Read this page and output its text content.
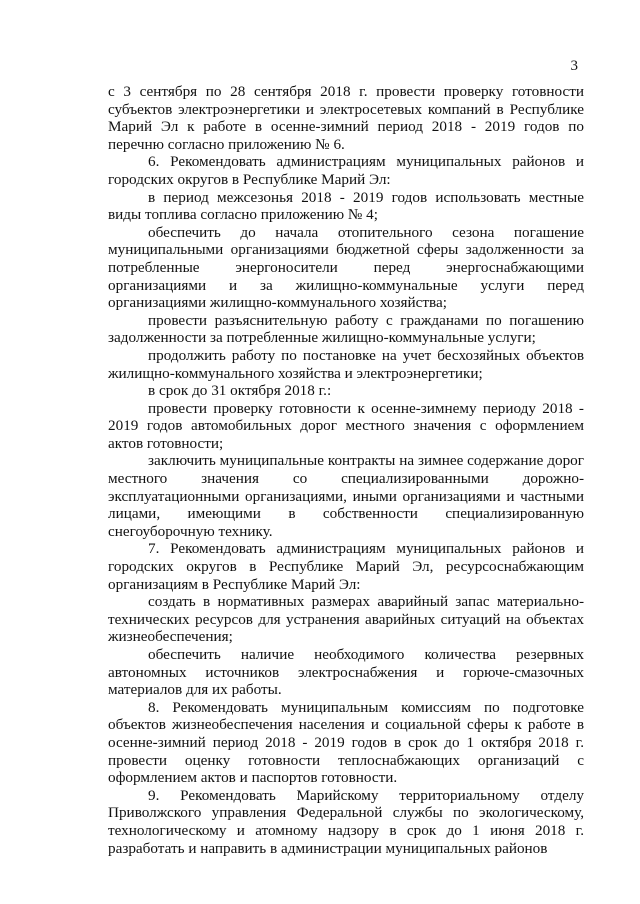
3

с 3 сентября по 28 сентября 2018 г. провести проверку готовности субъектов электроэнергетики и электросетевых компаний в Республике Марий Эл к работе в осенне-зимний период 2018 - 2019 годов по перечню согласно приложению № 6.

6. Рекомендовать администрациям муниципальных районов и городских округов в Республике Марий Эл:

в период межсезонья 2018 - 2019 годов использовать местные виды топлива согласно приложению № 4;

обеспечить до начала отопительного сезона погашение муниципальными организациями бюджетной сферы задолженности за потребленные энергоносители перед энергоснабжающими организациями и за жилищно-коммунальные услуги перед организациями жилищно-коммунального хозяйства;

провести разъяснительную работу с гражданами по погашению задолженности за потребленные жилищно-коммунальные услуги;

продолжить работу по постановке на учет бесхозяйных объектов жилищно-коммунального хозяйства и электроэнергетики;

в срок до 31 октября 2018 г.:

провести проверку готовности к осенне-зимнему периоду 2018 - 2019 годов автомобильных дорог местного значения с оформлением актов готовности;

заключить муниципальные контракты на зимнее содержание дорог местного значения со специализированными дорожно-эксплуатационными организациями, иными организациями и частными лицами, имеющими в собственности специализированную снегоуборочную технику.

7. Рекомендовать администрациям муниципальных районов и городских округов в Республике Марий Эл, ресурсоснабжающим организациям в Республике Марий Эл:

создать в нормативных размерах аварийный запас материально-технических ресурсов для устранения аварийных ситуаций на объектах жизнеобеспечения;

обеспечить наличие необходимого количества резервных автономных источников электроснабжения и горюче-смазочных материалов для их работы.

8. Рекомендовать муниципальным комиссиям по подготовке объектов жизнеобеспечения населения и социальной сферы к работе в осенне-зимний период 2018 - 2019 годов в срок до 1 октября 2018 г. провести оценку готовности теплоснабжающих организаций с оформлением актов и паспортов готовности.

9. Рекомендовать Марийскому территориальному отделу Приволжского управления Федеральной службы по экологическому, технологическому и атомному надзору в срок до 1 июня 2018 г. разработать и направить в администрации муниципальных районов
